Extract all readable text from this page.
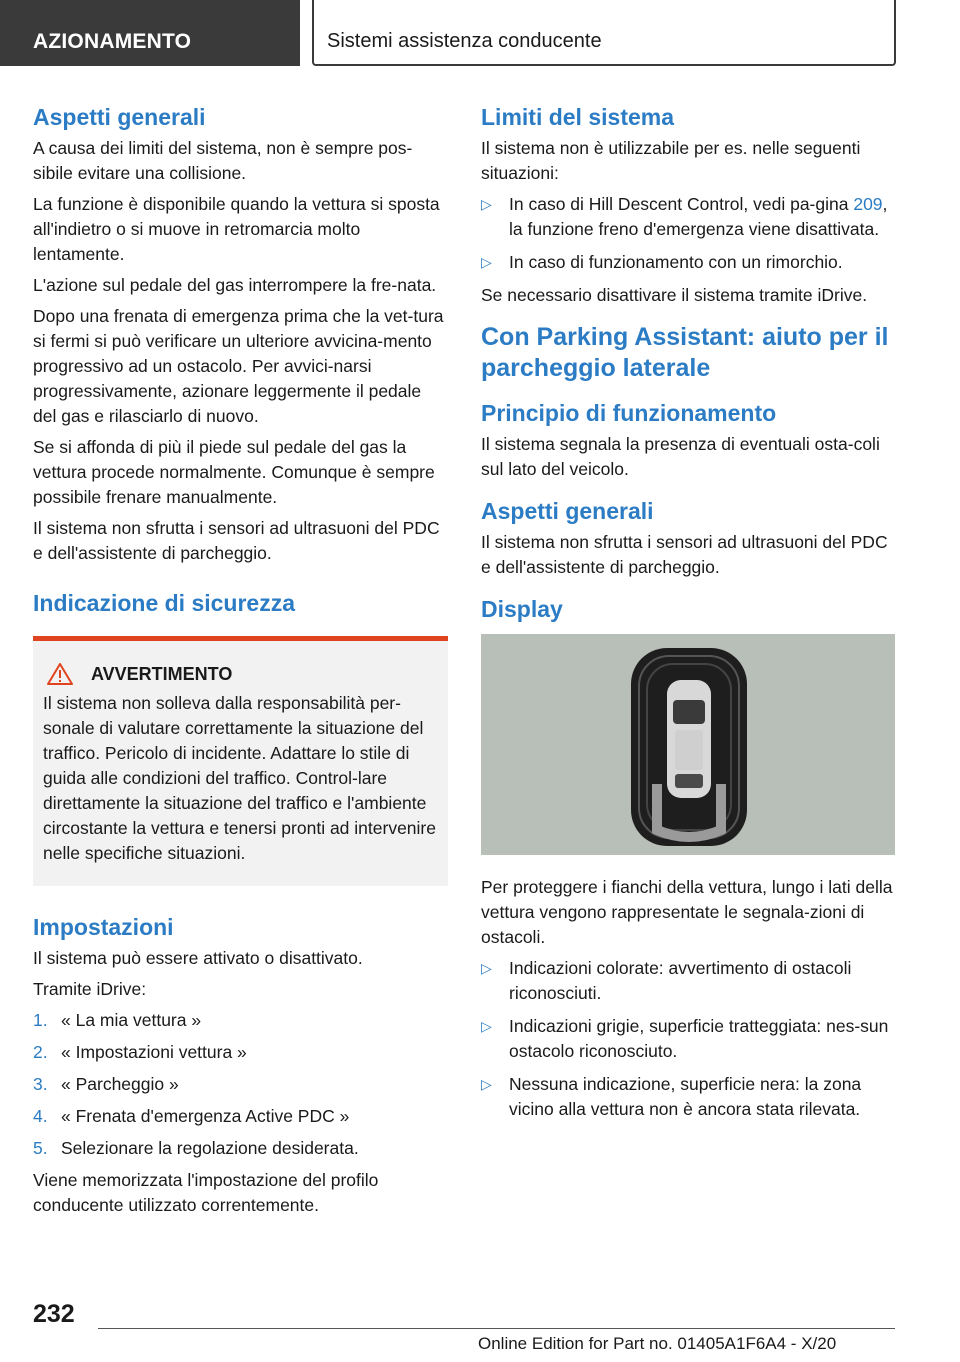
AZIONAMENTO	Sistemi assistenza conducente
Aspetti generali

A causa dei limiti del sistema, non è sempre pos-sibile evitare una collisione.

La funzione è disponibile quando la vettura si sposta all'indietro o si muove in retromarcia molto lentamente.

L'azione sul pedale del gas interrompere la fre-nata.

Dopo una frenata di emergenza prima che la vet-tura si fermi si può verificare un ulteriore avvicina-mento progressivo ad un ostacolo. Per avvici-narsi progressivamente, azionare leggermente il pedale del gas e rilasciarlo di nuovo.

Se si affonda di più il piede sul pedale del gas la vettura procede normalmente. Comunque è sempre possibile frenare manualmente.

Il sistema non sfrutta i sensori ad ultrasuoni del PDC e dell'assistente di parcheggio.

Indicazione di sicurezza
AVVERTIMENTO

Il sistema non solleva dalla responsabilità per-sonale di valutare correttamente la situazione del traffico. Pericolo di incidente. Adattare lo stile di guida alle condizioni del traffico. Control-lare direttamente la situazione del traffico e l'ambiente circostante la vettura e tenersi pronti ad intervenire nelle specifiche situazioni.

Impostazioni

Il sistema può essere attivato o disattivato.

Tramite iDrive:

1. « La mia vettura »
2. « Impostazioni vettura »
3. « Parcheggio »
4. « Frenata d'emergenza Active PDC »
5. Selezionare la regolazione desiderata.

Viene memorizzata l'impostazione del profilo conducente utilizzato correntemente.

Limiti del sistema

Il sistema non è utilizzabile per es. nelle seguenti situazioni:

▷ In caso di Hill Descent Control, vedi pa-gina 209, la funzione freno d'emergenza viene disattivata.
▷ In caso di funzionamento con un rimorchio.

Se necessario disattivare il sistema tramite iDrive.

Con Parking Assistant: aiuto per il parcheggio laterale
Principio di funzionamento

Il sistema segnala la presenza di eventuali osta-coli sul lato del veicolo.

Aspetti generali

Il sistema non sfrutta i sensori ad ultrasuoni del PDC e dell'assistente di parcheggio.

Display

Per proteggere i fianchi della vettura, lungo i lati della vettura vengono rappresentate le segnala-zioni di ostacoli.

▷ Indicazioni colorate: avvertimento di ostacoli riconosciuti.
▷ Indicazioni grigie, superficie tratteggiata: nes-sun ostacolo riconosciuto.
▷ Nessuna indicazione, superficie nera: la zona vicino alla vettura non è ancora stata rilevata.
232
Online Edition for Part no. 01405A1F6A4 - X/20
